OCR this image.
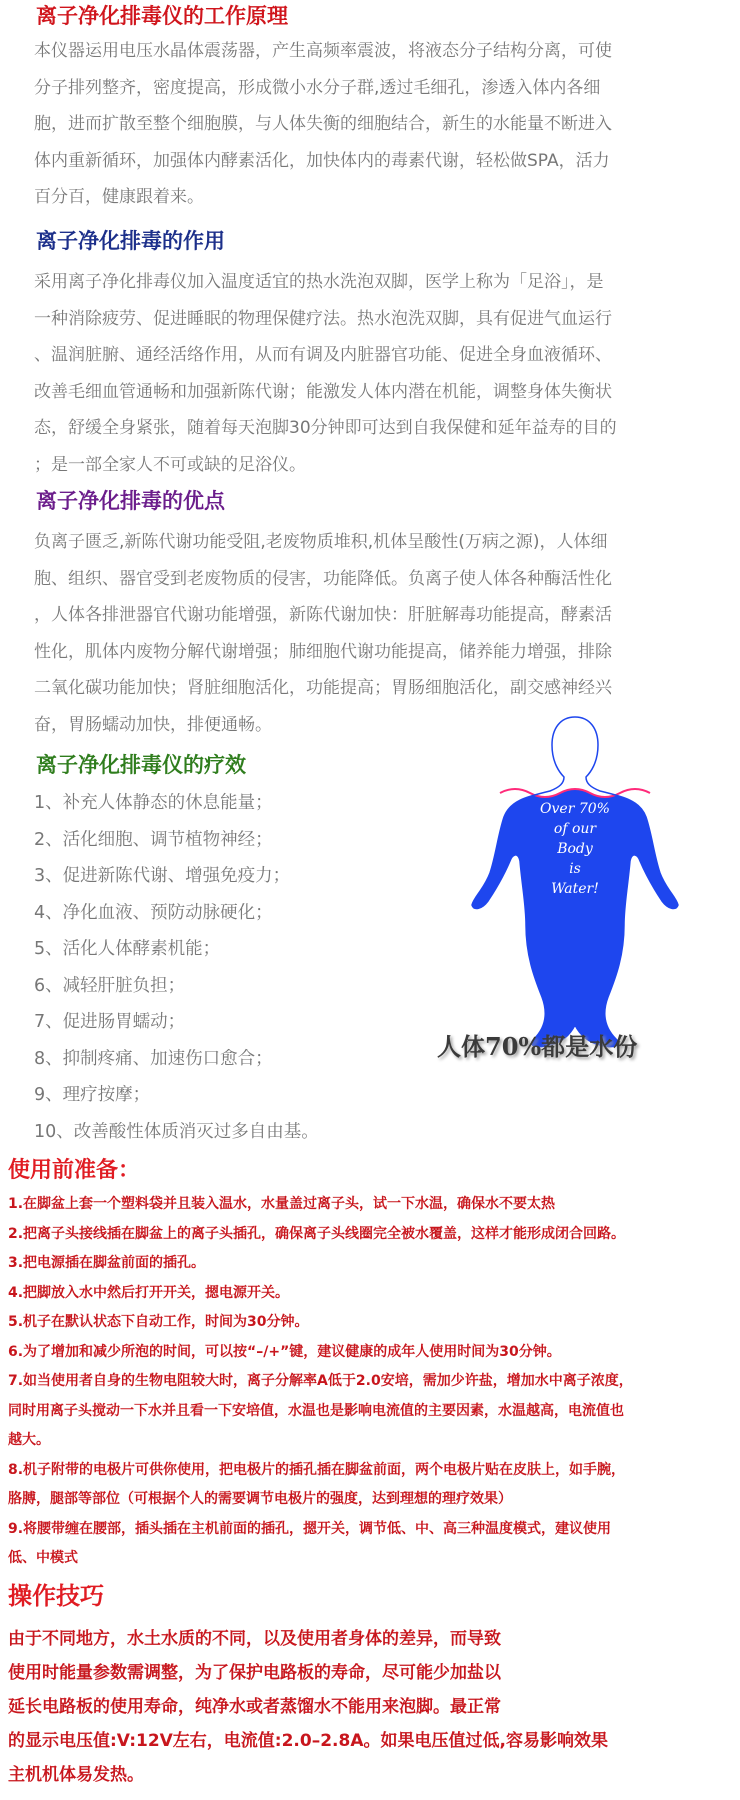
离子净化排毒仪的工作原理
本仪器运用电压水晶体震荡器，产生高频率震波，将液态分子结构分离，可使
分子排列整齐，密度提高，形成微小水分子群,透过毛细孔，渗透入体内各细
胞，进而扩散至整个细胞膜，与人体失衡的细胞结合，新生的水能量不断进入
体内重新循环，加强体内酵素活化，加快体内的毒素代谢，轻松做SPA，活力
百分百，健康跟着来。
离子净化排毒的作用
采用离子净化排毒仪加入温度适宜的热水洗泡双脚，医学上称为「足浴」，是
一种消除疲劳、促进睡眠的物理保健疗法。热水泡洗双脚，具有促进气血运行
、温润脏腑、通经活络作用，从而有调及内脏器官功能、促进全身血液循环、
改善毛细血管通畅和加强新陈代谢；能激发人体内潜在机能，调整身体失衡状
态，舒缓全身紧张，随着每天泡脚30分钟即可达到自我保健和延年益寿的目的
；是一部全家人不可或缺的足浴仪。
离子净化排毒的优点
负离子匮乏,新陈代谢功能受阻,老废物质堆积,机体呈酸性(万病之源)，人体细
胞、组织、器官受到老废物质的侵害，功能降低。负离子使人体各种酶活性化
，人体各排泄器官代谢功能增强，新陈代谢加快：肝脏解毒功能提高，酵素活
性化，肌体内废物分解代谢增强；肺细胞代谢功能提高，储养能力增强，排除
二氧化碳功能加快；肾脏细胞活化，功能提高；胃肠细胞活化，副交感神经兴
奋，胃肠蠕动加快，排便通畅。
离子净化排毒仪的疗效
1、补充人体静态的休息能量；
2、活化细胞、调节植物神经；
3、促进新陈代谢、增强免疫力；
4、净化血液、预防动脉硬化；
5、活化人体酵素机能；
6、减轻肝脏负担；
7、促进肠胃蠕动；
8、抑制疼痛、加速伤口愈合；
9、理疗按摩；
10、改善酸性体质消灭过多自由基。
Over 70%
of our
Body
is
Water!
人体70%都是水份
使用前准备：
1.在脚盆上套一个塑料袋并且装入温水，水量盖过离子头，试一下水温，确保水不要太热
2.把离子头接线插在脚盆上的离子头插孔，确保离子头线圈完全被水覆盖，这样才能形成闭合回路。
3.把电源插在脚盆前面的插孔。
4.把脚放入水中然后打开开关，摁电源开关。
5.机子在默认状态下自动工作，时间为30分钟。
6.为了增加和减少所泡的时间，可以按“–/+”键，建议健康的成年人使用时间为30分钟。
7.如当使用者自身的生物电阻较大时，离子分解率A低于2.0安培，需加少许盐，增加水中离子浓度，
同时用离子头搅动一下水并且看一下安培值，水温也是影响电流值的主要因素，水温越高，电流值也
越大。
8.机子附带的电极片可供你使用，把电极片的插孔插在脚盆前面，两个电极片贴在皮肤上，如手腕，
胳膊，腿部等部位（可根据个人的需要调节电极片的强度，达到理想的理疗效果）
9.将腰带缠在腰部，插头插在主机前面的插孔，摁开关，调节低、中、高三种温度模式，建议使用
低、中模式
操作技巧
由于不同地方，水土水质的不同，以及使用者身体的差异，而导致
使用时能量参数需调整，为了保护电路板的寿命，尽可能少加盐以
延长电路板的使用寿命，纯净水或者蒸馏水不能用来泡脚。最正常
的显示电压值:V:12V左右，电流值:2.0–2.8A。如果电压值过低,容易影响效果
主机机体易发热。
